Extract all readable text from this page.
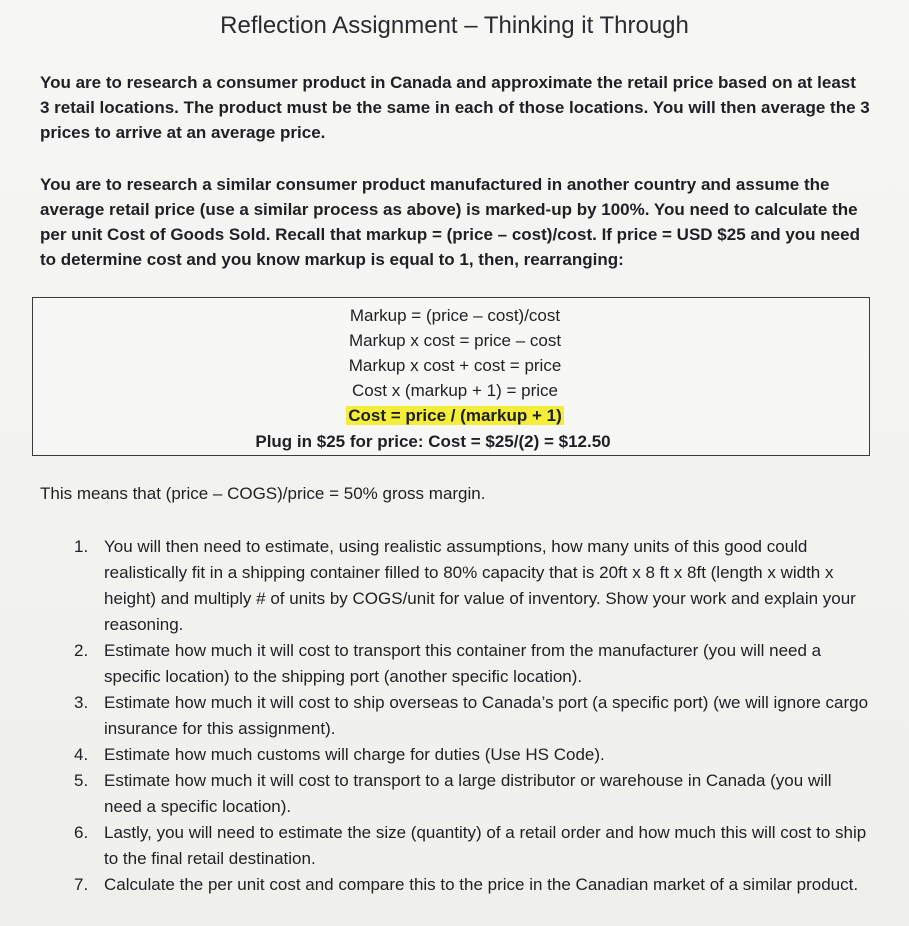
Reflection Assignment – Thinking it Through
You are to research a consumer product in Canada and approximate the retail price based on at least 3 retail locations. The product must be the same in each of those locations. You will then average the 3 prices to arrive at an average price.
You are to research a similar consumer product manufactured in another country and assume the average retail price (use a similar process as above) is marked-up by 100%. You need to calculate the per unit Cost of Goods Sold. Recall that markup = (price – cost)/cost. If price = USD $25 and you need to determine cost and you know markup is equal to 1, then, rearranging:
Markup = (price – cost)/cost
Markup x cost = price – cost
Markup x cost + cost = price
Cost x (markup + 1) = price
Cost = price / (markup + 1)
Plug in $25 for price: Cost = $25/(2) = $12.50
This means that (price – COGS)/price = 50% gross margin.
1. You will then need to estimate, using realistic assumptions, how many units of this good could realistically fit in a shipping container filled to 80% capacity that is 20ft x 8 ft x 8ft (length x width x height) and multiply # of units by COGS/unit for value of inventory. Show your work and explain your reasoning.
2. Estimate how much it will cost to transport this container from the manufacturer (you will need a specific location) to the shipping port (another specific location).
3. Estimate how much it will cost to ship overseas to Canada’s port (a specific port) (we will ignore cargo insurance for this assignment).
4. Estimate how much customs will charge for duties (Use HS Code).
5. Estimate how much it will cost to transport to a large distributor or warehouse in Canada (you will need a specific location).
6. Lastly, you will need to estimate the size (quantity) of a retail order and how much this will cost to ship to the final retail destination.
7. Calculate the per unit cost and compare this to the price in the Canadian market of a similar product.
